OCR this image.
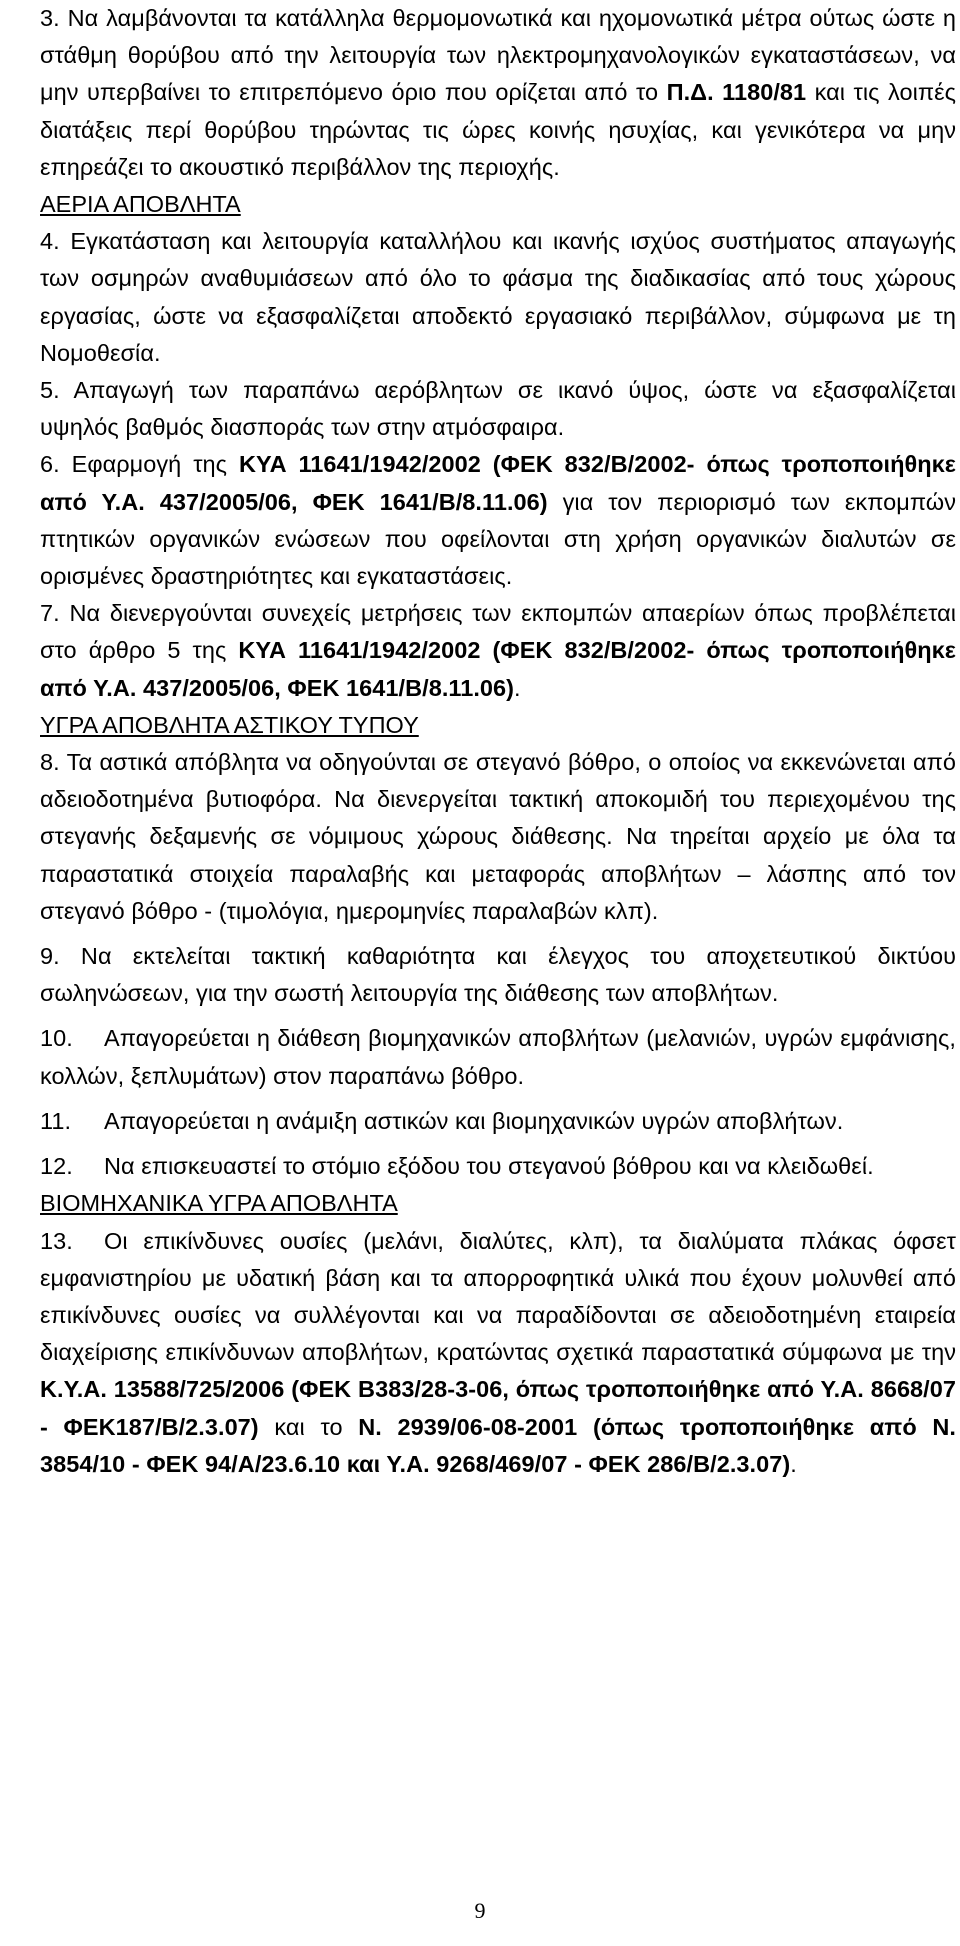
3. Να λαμβάνονται τα κατάλληλα θερμομονωτικά και ηχομονωτικά μέτρα ούτως ώστε η στάθμη θορύβου από την λειτουργία των ηλεκτρομηχανολογικών εγκαταστάσεων, να μην υπερβαίνει το επιτρεπόμενο όριο που ορίζεται από το Π.Δ. 1180/81 και τις λοιπές διατάξεις περί θορύβου τηρώντας τις ώρες κοινής ησυχίας, και γενικότερα να μην επηρεάζει το ακουστικό περιβάλλον της περιοχής.

ΑΕΡΙΑ ΑΠΟΒΛΗΤΑ

4. Εγκατάσταση και λειτουργία καταλλήλου και ικανής ισχύος συστήματος απαγωγής των οσμηρών αναθυμιάσεων από όλο το φάσμα της διαδικασίας από τους χώρους εργασίας, ώστε να εξασφαλίζεται αποδεκτό εργασιακό περιβάλλον, σύμφωνα με τη Νομοθεσία.

5. Απαγωγή των παραπάνω αερόβλητων σε ικανό ύψος, ώστε να εξασφαλίζεται υψηλός βαθμός διασποράς των στην ατμόσφαιρα.

6. Εφαρμογή της ΚΥΑ 11641/1942/2002 (ΦΕΚ 832/Β/2002- όπως τροποποιήθηκε από Υ.Α. 437/2005/06, ΦΕΚ 1641/Β/8.11.06) για τον περιορισμό των εκπομπών πτητικών οργανικών ενώσεων που οφείλονται στη χρήση οργανικών διαλυτών σε ορισμένες δραστηριότητες και εγκαταστάσεις.

7. Να διενεργούνται συνεχείς μετρήσεις των εκπομπών απαερίων όπως προβλέπεται στο άρθρο 5 της ΚΥΑ 11641/1942/2002 (ΦΕΚ 832/Β/2002- όπως τροποποιήθηκε από Υ.Α. 437/2005/06, ΦΕΚ 1641/Β/8.11.06).

ΥΓΡΑ ΑΠΟΒΛΗΤΑ ΑΣΤΙΚΟΥ ΤΥΠΟΥ

8. Τα αστικά απόβλητα να οδηγούνται σε στεγανό βόθρο, ο οποίος να εκκενώνεται από αδειοδοτημένα βυτιοφόρα. Να διενεργείται τακτική αποκομιδή του περιεχομένου της στεγανής δεξαμενής σε νόμιμους χώρους διάθεσης. Να τηρείται αρχείο με όλα τα παραστατικά στοιχεία παραλαβής και μεταφοράς αποβλήτων – λάσπης από τον στεγανό βόθρο - (τιμολόγια, ημερομηνίες παραλαβών κλπ).

9. Να εκτελείται τακτική καθαριότητα και έλεγχος του αποχετευτικού δικτύου σωληνώσεων, για την σωστή λειτουργία της διάθεσης των αποβλήτων.

10. Απαγορεύεται η διάθεση βιομηχανικών αποβλήτων (μελανιών, υγρών εμφάνισης, κολλών, ξεπλυμάτων) στον παραπάνω βόθρο.

11. Απαγορεύεται η ανάμιξη αστικών και βιομηχανικών υγρών αποβλήτων.

12. Να επισκευαστεί το στόμιο εξόδου του στεγανού βόθρου και να κλειδωθεί.

ΒΙΟΜΗΧΑΝΙΚΑ ΥΓΡΑ ΑΠΟΒΛΗΤΑ

13. Οι επικίνδυνες ουσίες (μελάνι, διαλύτες, κλπ), τα διαλύματα πλάκας όφσετ εμφανιστηρίου με υδατική βάση και τα απορροφητικά υλικά που έχουν μολυνθεί από επικίνδυνες ουσίες να συλλέγονται και να παραδίδονται σε αδειοδοτημένη εταιρεία διαχείρισης επικίνδυνων αποβλήτων, κρατώντας σχετικά παραστατικά σύμφωνα με την Κ.Υ.Α. 13588/725/2006 (ΦΕΚ Β383/28-3-06, όπως τροποποιήθηκε από Υ.Α. 8668/07 - ΦΕΚ187/Β/2.3.07) και το Ν. 2939/06-08-2001 (όπως τροποποιήθηκε από Ν. 3854/10 - ΦΕΚ 94/Α/23.6.10 και Υ.Α. 9268/469/07 - ΦΕΚ 286/Β/2.3.07).

9
